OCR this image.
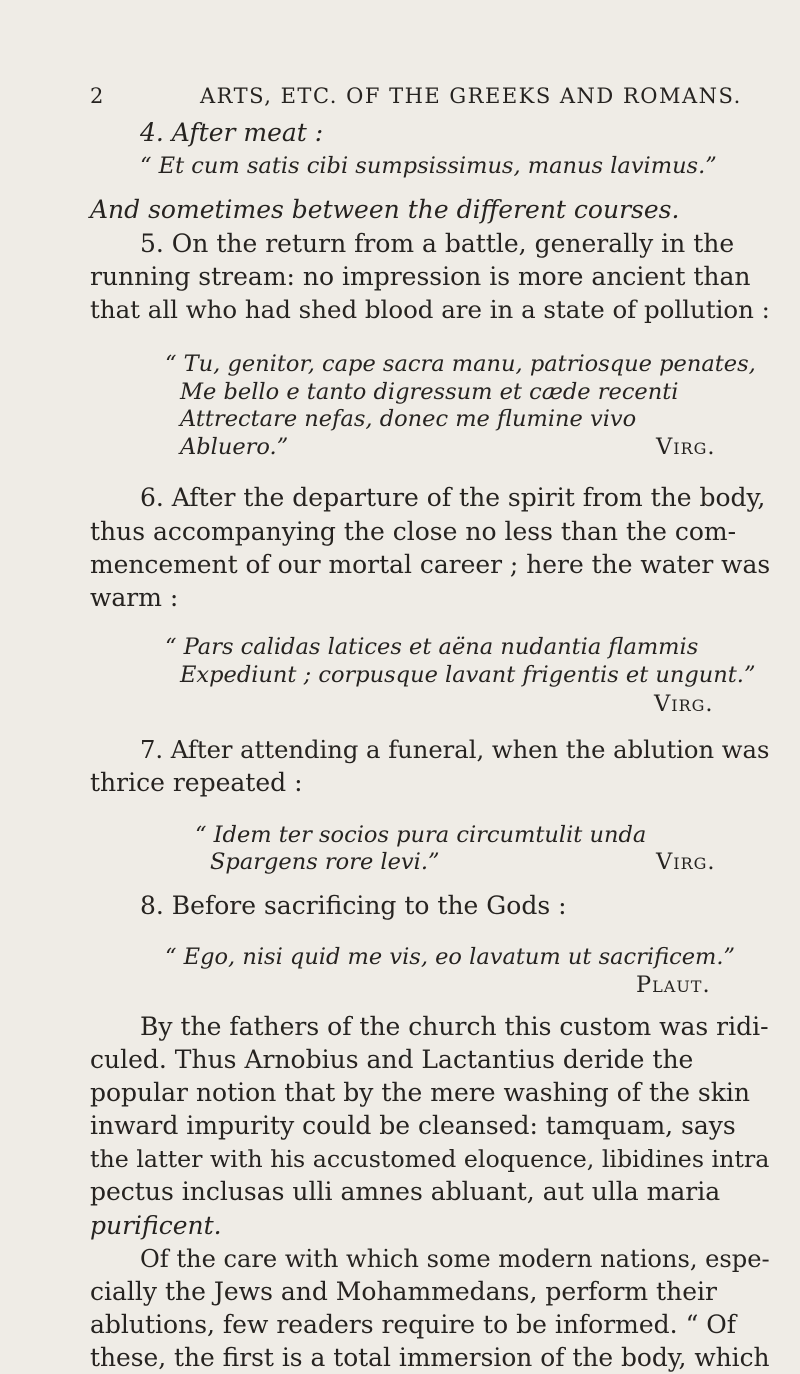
2	ARTS, ETC. OF THE GREEKS AND ROMANS.
4. After meat :
“ Et cum satis cibi sumpsissimus, manus lavimus.”
And sometimes between the different courses.
5. On the return from a battle, generally in the
running stream: no impression is more ancient than
that all who had shed blood are in a state of pollution :
“ Tu, genitor, cape sacra manu, patriosque penates,
Me bello e tanto digressum et cæde recenti
Attrectare nefas, donec me flumine vivo
Abluero.”	Virg.
6. After the departure of the spirit from the body,
thus accompanying the close no less than the com-
mencement of our mortal career ; here the water was
warm :
“ Pars calidas latices et aëna nudantia flammis
Expediunt ; corpusque lavant frigentis et ungunt.”
Virg.
7. After attending a funeral, when the ablution was
thrice repeated :
“ Idem ter socios pura circumtulit unda
Spargens rore levi.”	Virg.
8. Before sacrificing to the Gods :
“ Ego, nisi quid me vis, eo lavatum ut sacrificem.”
Plaut.
By the fathers of the church this custom was ridi-
culed. Thus Arnobius and Lactantius deride the
popular notion that by the mere washing of the skin
inward impurity could be cleansed: tamquam, says
the latter with his accustomed eloquence, libidines intra
pectus inclusas ulli amnes abluant, aut ulla maria
purificent.
Of the care with which some modern nations, espe-
cially the Jews and Mohammedans, perform their
ablutions, few readers require to be informed. “ Of
these, the first is a total immersion of the body, which
